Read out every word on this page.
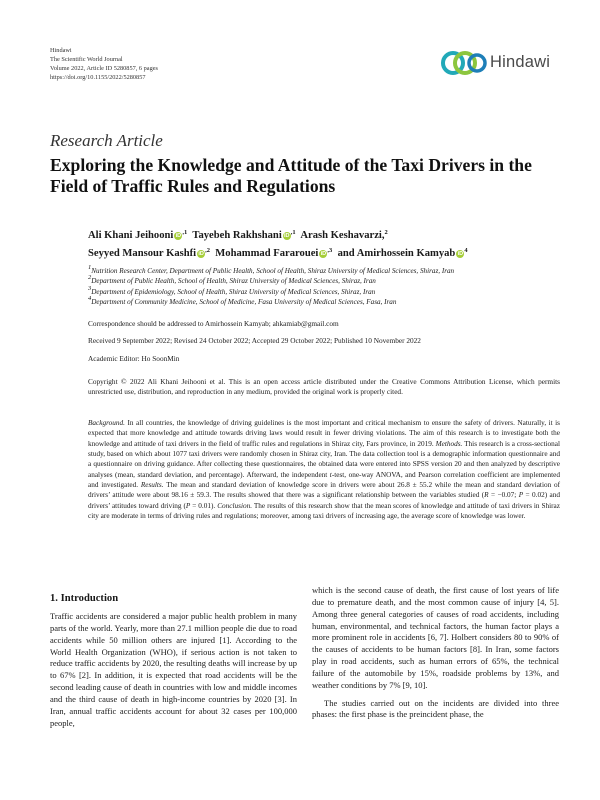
Hindawi
The Scientific World Journal
Volume 2022, Article ID 5280857, 6 pages
https://doi.org/10.1155/2022/5280857
Hindawi
Research Article
Exploring the Knowledge and Attitude of the Taxi Drivers in the Field of Traffic Rules and Regulations
Ali Khani Jeihooni $iD^{,1}$ Tayebeh Rakhshani $iD^{,1}$ Arash Keshavarzi,$^2$
Seyyed Mansour Kashfi $iD^{,2}$ Mohammad Fararouei $iD^{,3}$ and Amirhossein Kamyab $iD^4$
$^1$Nutrition Research Center, Department of Public Health, School of Health, Shiraz University of Medical Sciences, Shiraz, Iran
$^2$Department of Public Health, School of Health, Shiraz University of Medical Sciences, Shiraz, Iran
$^3$Department of Epidemiology, School of Health, Shiraz University of Medical Sciences, Shiraz, Iran
$^4$Department of Community Medicine, School of Medicine, Fasa University of Medical Sciences, Fasa, Iran
Correspondence should be addressed to Amirhossein Kamyab; ahkamiab@gmail.com
Received 9 September 2022; Revised 24 October 2022; Accepted 29 October 2022; Published 10 November 2022
Academic Editor: Ho SoonMin
Copyright © 2022 Ali Khani Jeihooni et al. This is an open access article distributed under the Creative Commons Attribution License, which permits unrestricted use, distribution, and reproduction in any medium, provided the original work is properly cited.
Background. In all countries, the knowledge of driving guidelines is the most important and critical mechanism to ensure the safety of drivers. Naturally, it is expected that more knowledge and attitude towards driving laws would result in fewer driving violations. The aim of this research is to investigate both the knowledge and attitude of taxi drivers in the field of traffic rules and regulations in Shiraz city, Fars province, in 2019. Methods. This research is a cross-sectional study, based on which about 1077 taxi drivers were randomly chosen in Shiraz city, Iran. The data collection tool is a demographic information questionnaire and a questionnaire on driving guidance. After collecting these questionnaires, the obtained data were entered into SPSS version 20 and then analyzed by descriptive analyses (mean, standard deviation, and percentage). Afterward, the independent t-test, one-way ANOVA, and Pearson correlation coefficient are implemented and investigated. Results. The mean and standard deviation of knowledge score in drivers were about 26.8 ± 55.2 while the mean and standard deviation of drivers’ attitude were about 98.16 ± 59.3. The results showed that there was a significant relationship between the variables studied (R = −0.07; P = 0.02) and drivers’ attitudes toward driving (P = 0.01). Conclusion. The results of this research show that the mean scores of knowledge and attitude of taxi drivers in Shiraz city are moderate in terms of driving rules and regulations; moreover, among taxi drivers of increasing age, the average score of knowledge was lower.
1. Introduction

Traffic accidents are considered a major public health problem in many parts of the world. Yearly, more than 27.1 million people die due to road accidents while 50 million others are injured [1]. According to the World Health Organization (WHO), if serious action is not taken to reduce traffic accidents by 2020, the resulting deaths will increase by up to 67% [2]. In addition, it is expected that road accidents will be the second leading cause of death in countries with low and middle incomes and the third cause of death in high-income countries by 2020 [3]. In Iran, annual traffic accidents account for about 32 cases per 100,000 people,

which is the second cause of death, the first cause of lost years of life due to premature death, and the most common cause of injury [4, 5]. Among three general categories of causes of road accidents, including human, environmental, and technical factors, the human factor plays a more prominent role in accidents [6, 7]. Holbert considers 80 to 90% of the causes of accidents to be human factors [8]. In Iran, some factors play in road accidents, such as human errors of 65%, the technical failure of the automobile by 15%, roadside problems by 13%, and weather conditions by 7% [9, 10].

The studies carried out on the incidents are divided into three phases: the first phase is the preincident phase, the
